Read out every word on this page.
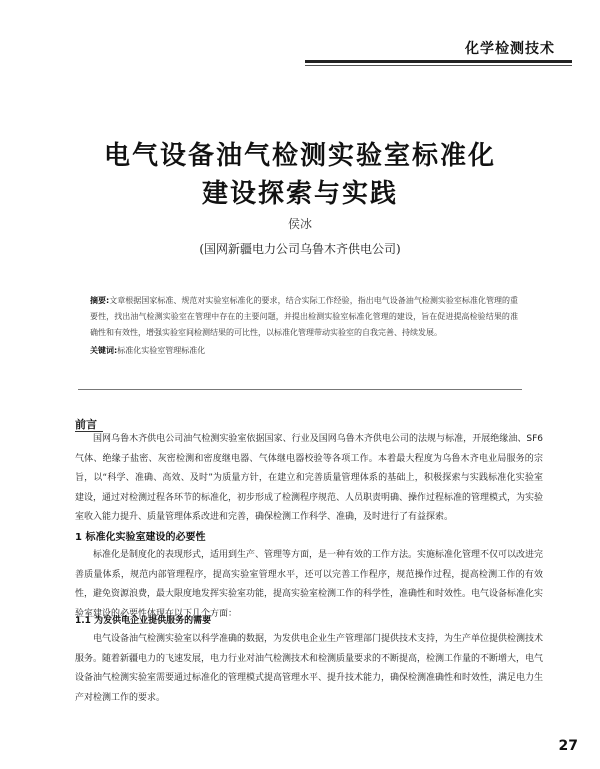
化学检测技术
电气设备油气检测实验室标准化
建设探索与实践
侯冰
(国网新疆电力公司乌鲁木齐供电公司)

摘要:文章根据国家标准、规范对实验室标准化的要求，结合实际工作经验，指出电气设备油气检测实验室标准化管理的重要性，找出油气检测实验室在管理中存在的主要问题，并提出检测实验室标准化管理的建设，旨在促进提高检验结果的准确性和有效性，增强实验室间检测结果的可比性，以标准化管理带动实验室的自我完善、持续发展。

关键词:标准化实验室管理标准化

前言

国网乌鲁木齐供电公司油气检测实验室依据国家、行业及国网乌鲁木齐供电公司的法规与标准，开展绝缘油、SF6气体、绝缘子盐密、灰密检测和密度继电器、气体继电器校验等各项工作。本着最大程度为乌鲁木齐电业局服务的宗旨，以“科学、准确、高效、及时”为质量方针，在建立和完善质量管理体系的基础上，积极探索与实践标准化实验室建设，通过对检测过程各环节的标准化，初步形成了检测程序规范、人员职责明确、操作过程标准的管理模式，为实验室收入能力提升、质量管理体系改进和完善，确保检测工作科学、准确，及时进行了有益探索。

1 标准化实验室建设的必要性

标准化是制度化的表现形式，适用到生产、管理等方面，是一种有效的工作方法。实施标准化管理不仅可以改进完善质量体系，规范内部管理程序，提高实验室管理水平，还可以完善工作程序，规范操作过程，提高检测工作的有效性，避免资源浪费，最大限度地发挥实验室功能，提高实验室检测工作的科学性，准确性和时效性。电气设备标准化实验室建设的必要性体现在以下几个方面：

1.1 为发供电企业提供服务的需要

电气设备油气检测实验室以科学准确的数据，为发供电企业生产管理部门提供技术支持，为生产单位提供检测技术服务。随着新疆电力的飞速发展，电力行业对油气检测技术和检测质量要求的不断提高，检测工作量的不断增大，电气设备油气检测实验室需要通过标准化的管理模式提高管理水平、提升技术能力，确保检测准确性和时效性，满足电力生产对检测工作的要求。

27
